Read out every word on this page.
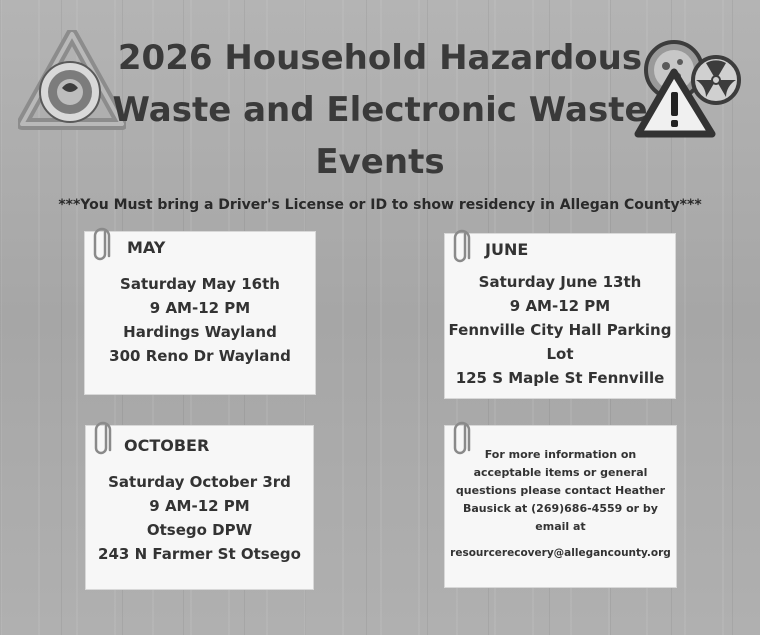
2026 Household Hazardous
Waste and Electronic Waste
Events
***You Must bring a Driver's License or ID to show residency in Allegan County***
MAY
Saturday May 16th
9 AM-12 PM
Hardings Wayland
300 Reno Dr Wayland
JUNE
Saturday June 13th
9 AM-12 PM
Fennville City Hall Parking
Lot
125 S Maple St Fennville
OCTOBER
Saturday October 3rd
9 AM-12 PM
Otsego DPW
243 N Farmer St Otsego
For more information on
acceptable items or general
questions please contact Heather
Bausick at (269)686-4559 or by
email at
resourcerecovery@allegancounty.org
